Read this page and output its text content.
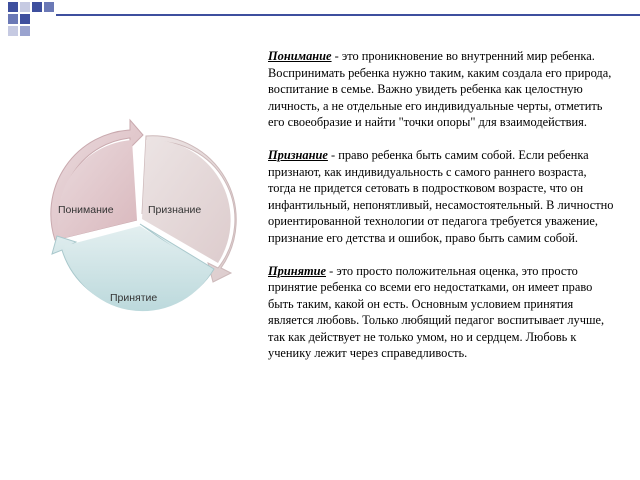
Понимание	Признание
Принятие

Понимание - это проникновение во внутренний мир ребенка. Воспринимать ребенка нужно таким, каким создала его природа, воспитание в семье. Важно увидеть ребенка как целостную личность, а не отдельные его индивидуальные черты, отметить его своеобразие и найти "точки опоры" для взаимодействия.

Признание - право ребенка быть самим собой. Если ребенка признают, как индивидуальность с самого раннего возраста, тогда не придется сетовать в подростковом возрасте, что он инфантильный, непонятливый, несамостоятельный. В личностно ориентированной технологии от педагога требуется уважение, признание его детства и ошибок, право быть самим собой.

Принятие - это просто положительная оценка, это просто принятие ребенка со всеми его недостатками, он имеет право быть таким, какой он есть. Основным условием принятия является любовь. Только любящий педагог воспитывает лучше, так как действует не только умом, но и сердцем. Любовь к ученику лежит через справедливость.
